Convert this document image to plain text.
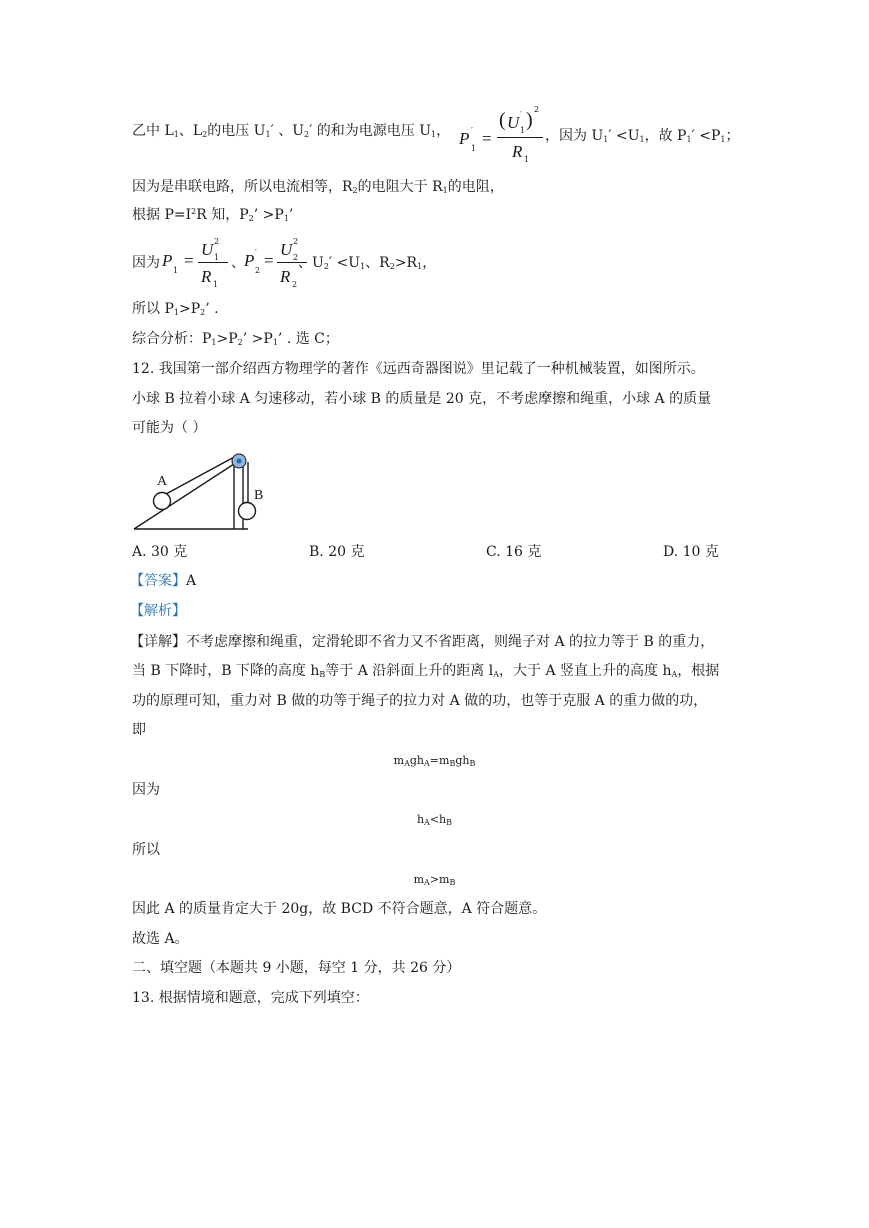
乙中 $L_1$、$L_2$的电压 $U_1'$ 、$U_2'$ 的和为电源电压 $U_1$， P
1
′ = ( U 1
′ ) 2
R 1 ，因为 $U_1' <U_1$，故 $P_1' <P_1$；
因为是串联电路，所以电流相等，$R_2$的电阻大于 $R_1$的电阻，
根据 $P=I^2R$ 知，$P_2$’ $>P_1$’
因为 P
1
= U 1
2
R 1 、 P
2
′ = U 2
2
R 2
、$U_2' <U_1$、$R_2>R_1$，
所以 $P_1>P_2$’ .
综合分析：$P_1>P_2$’ $>P_1$’ . 选 C；
12. 我国第一部介绍西方物理学的著作《远西奇器图说》里记载了一种机械装置，如图所示。
小球 B 拉着小球 A 匀速移动，若小球 B 的质量是 20 克，不考虑摩擦和绳重，小球 A 的质量
可能为（ ）
A
B
A. 30 克	B. 20 克	C. 16 克	D. 10 克
【答案】A
【解析】
【详解】不考虑摩擦和绳重，定滑轮即不省力又不省距离，则绳子对 A 的拉力等于 B 的重力，
当 B 下降时，B 下降的高度 $h_B$等于 A 沿斜面上升的距离 $l_A$，大于 A 竖直上升的高度 $h_A$，根据
功的原理可知，重力对 B 做的功等于绳子的拉力对 A 做的功，也等于克服 A 的重力做的功，
即
$m_Agh_A=m_Bgh_B$
因为
$h_A<h_B$
所以
$m_A>m_B$
因此 A 的质量肯定大于 20g，故 BCD 不符合题意，A 符合题意。
故选 A。
二、填空题（本题共 9 小题，每空 1 分，共 26 分）
13. 根据情境和题意，完成下列填空：
